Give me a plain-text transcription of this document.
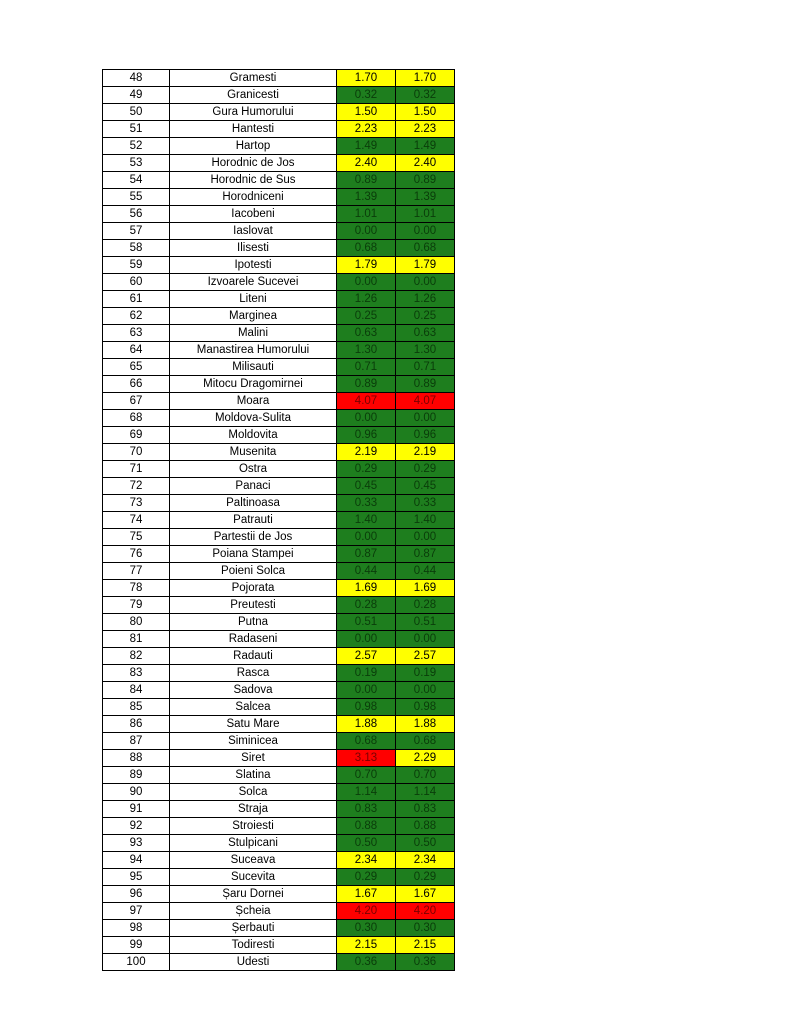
48	Gramesti	1.70	1.70
49	Granicesti	0.32	0.32
50	Gura Humorului	1.50	1.50
51	Hantesti	2.23	2.23
52	Hartop	1.49	1.49
53	Horodnic de Jos	2.40	2.40
54	Horodnic de Sus	0.89	0.89
55	Horodniceni	1.39	1.39
56	Iacobeni	1.01	1.01
57	Iaslovat	0.00	0.00
58	Ilisesti	0.68	0.68
59	Ipotesti	1.79	1.79
60	Izvoarele Sucevei	0.00	0.00
61	Liteni	1.26	1.26
62	Marginea	0.25	0.25
63	Malini	0.63	0.63
64	Manastirea Humorului	1.30	1.30
65	Milisauti	0.71	0.71
66	Mitocu Dragomirnei	0.89	0.89
67	Moara	4.07	4.07
68	Moldova-Sulita	0.00	0.00
69	Moldovita	0.96	0.96
70	Musenita	2.19	2.19
71	Ostra	0.29	0.29
72	Panaci	0.45	0.45
73	Paltinoasa	0.33	0.33
74	Patrauti	1.40	1.40
75	Partestii de Jos	0.00	0.00
76	Poiana Stampei	0.87	0.87
77	Poieni Solca	0.44	0.44
78	Pojorata	1.69	1.69
79	Preutesti	0.28	0.28
80	Putna	0.51	0.51
81	Radaseni	0.00	0.00
82	Radauti	2.57	2.57
83	Rasca	0.19	0.19
84	Sadova	0.00	0.00
85	Salcea	0.98	0.98
86	Satu Mare	1.88	1.88
87	Siminicea	0.68	0.68
88	Siret	3.13	2.29
89	Slatina	0.70	0.70
90	Solca	1.14	1.14
91	Straja	0.83	0.83
92	Stroiesti	0.88	0.88
93	Stulpicani	0.50	0.50
94	Suceava	2.34	2.34
95	Sucevita	0.29	0.29
96	Șaru Dornei	1.67	1.67
97	Șcheia	4.20	4.20
98	Șerbauti	0.30	0.30
99	Todiresti	2.15	2.15
100	Udesti	0.36	0.36
